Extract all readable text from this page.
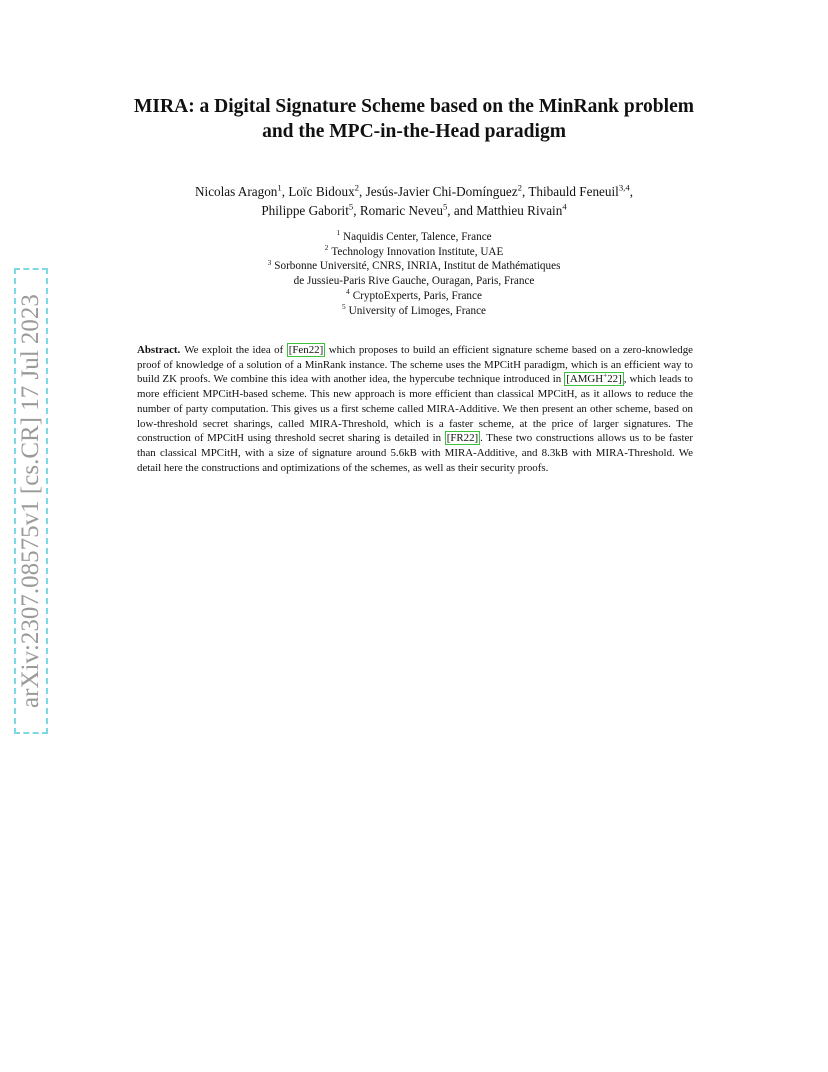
arXiv:2307.08575v1 [cs.CR] 17 Jul 2023
MIRA: a Digital Signature Scheme based on the MinRank problem
and the MPC-in-the-Head paradigm
Nicolas Aragon$^1$, Loïc Bidoux$^2$, Jesús-Javier Chi-Domínguez$^2$, Thibauld Feneuil$^{3,4}$,
Philippe Gaborit$^5$, Romaric Neveu$^5$, and Matthieu Rivain$^4$
$^1$ Naquidis Center, Talence, France
$^2$ Technology Innovation Institute, UAE
$^3$ Sorbonne Université, CNRS, INRIA, Institut de Mathématiques
de Jussieu-Paris Rive Gauche, Ouragan, Paris, France
$^4$ CryptoExperts, Paris, France
$^5$ University of Limoges, France
Abstract. We exploit the idea of [Fen22] which proposes to build an efficient signature scheme based on a zero-knowledge proof of knowledge of a solution of a MinRank instance. The scheme uses the MPCitH paradigm, which is an efficient way to build ZK proofs. We combine this idea with another idea, the hypercube technique introduced in [AMGH+22] , which leads to more efficient MPCitH-based scheme. This new approach is more efficient than classical MPCitH, as it allows to reduce the number of party computation. This gives us a first scheme called MIRA-Additive. We then present an other scheme, based on low-threshold secret sharings, called MIRA-Threshold, which is a faster scheme, at the price of larger signatures. The construction of MPCitH using threshold secret sharing is detailed in [FR22] . These two constructions allows us to be faster than classical MPCitH, with a size of signature around 5.6kB with MIRA-Additive, and 8.3kB with MIRA-Threshold. We detail here the constructions and optimizations of the schemes, as well as their security proofs.
